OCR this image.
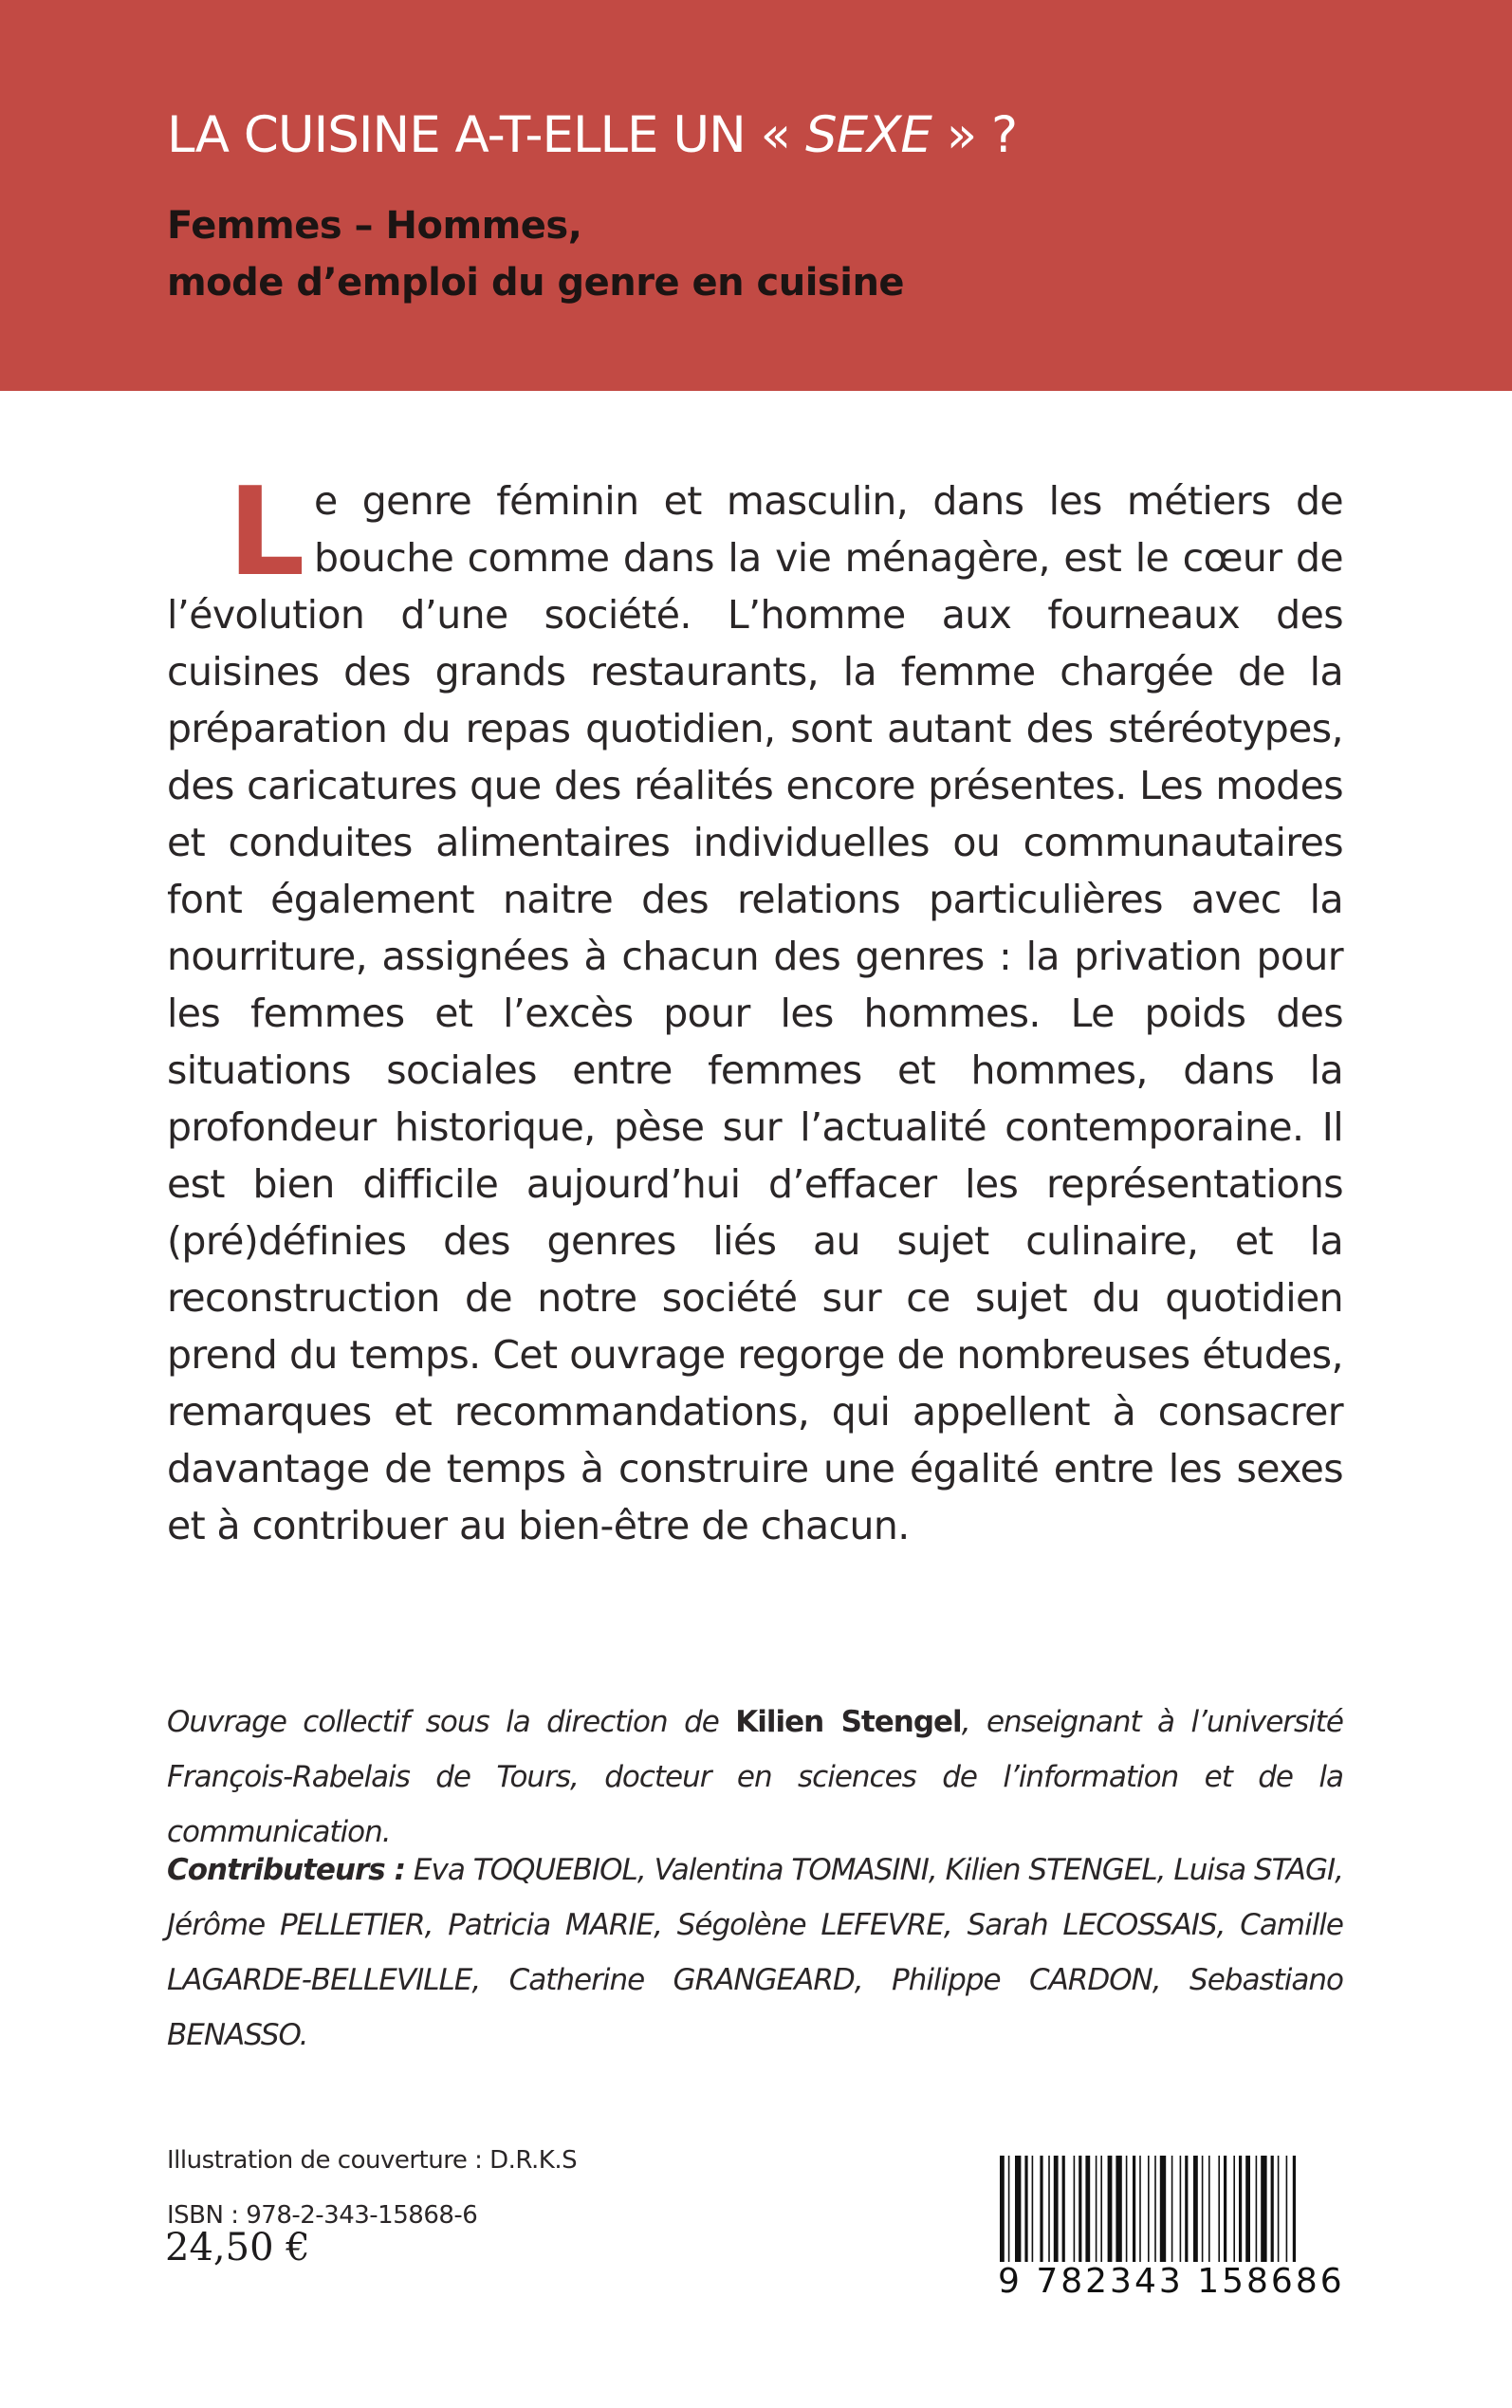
LA CUISINE A-T-ELLE UN « SEXE » ?
Femmes – Hommes,
mode d’emploi du genre en cuisine

Le genre féminin et masculin, dans les métiers de bouche comme dans la vie ménagère, est le cœur de l’évolution d’une société. L’homme aux fourneaux des cuisines des grands restaurants, la femme chargée de la préparation du repas quotidien, sont autant des stéréotypes, des caricatures que des réalités encore présentes. Les modes et conduites alimentaires individuelles ou communautaires font également naitre des relations particulières avec la nourriture, assignées à chacun des genres : la privation pour les femmes et l’excès pour les hommes. Le poids des situations sociales entre femmes et hommes, dans la profondeur historique, pèse sur l’actualité contemporaine. Il est bien difficile aujourd’hui d’effacer les représentations (pré)définies des genres liés au sujet culinaire, et la reconstruction de notre société sur ce sujet du quotidien prend du temps. Cet ouvrage regorge de nombreuses études, remarques et recommandations, qui appellent à consacrer davantage de temps à construire une égalité entre les sexes et à contribuer au bien-être de chacun.

Ouvrage collectif sous la direction de Kilien Stengel, enseignant à l’université François-Rabelais de Tours, docteur en sciences de l’information et de la communication.

Contributeurs : Eva TOQUEBIOL, Valentina TOMASINI, Kilien STENGEL, Luisa STAGI, Jérôme PELLETIER, Patricia MARIE, Ségolène LEFEVRE, Sarah LECOSSAIS, Camille LAGARDE-BELLEVILLE, Catherine GRANGEARD, Philippe CARDON, Sebastiano BENASSO.

Illustration de couverture : D.R.K.S
ISBN : 978-2-343-15868-6
24,50 €
9 782343 158686
